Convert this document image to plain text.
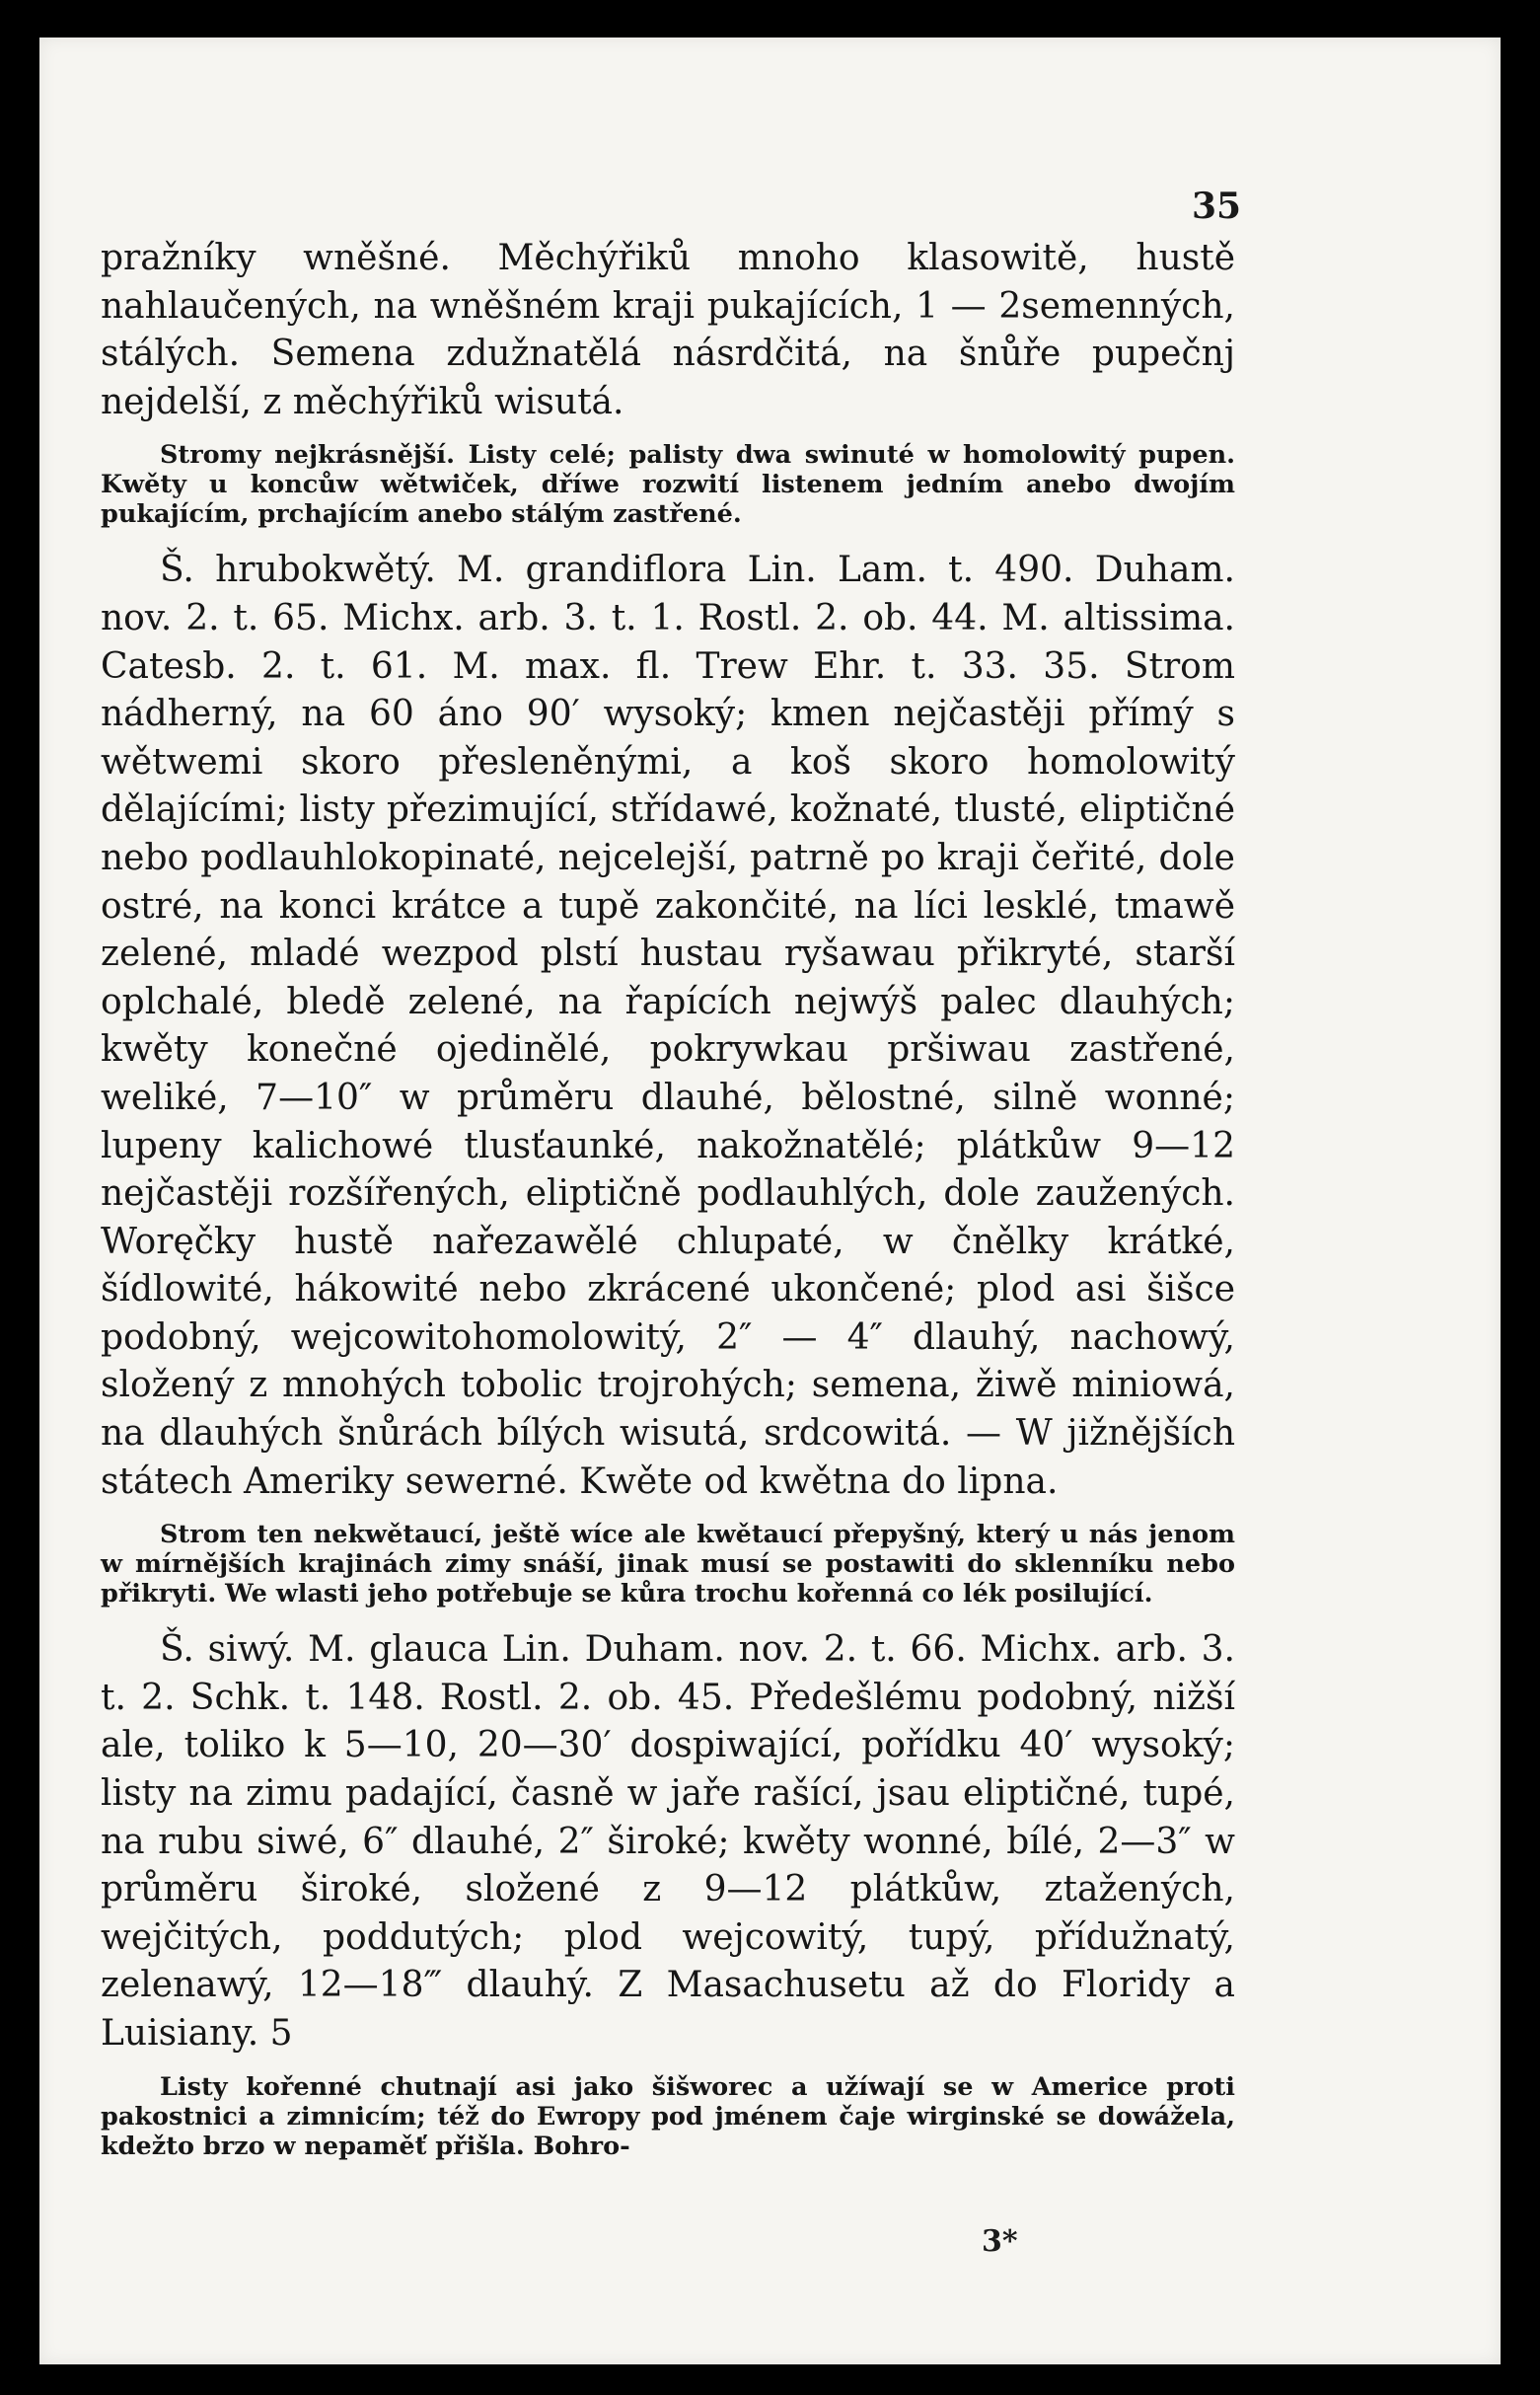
35

pražníky wněšné. Měchýřiků mnoho klasowitě, hustě nahlaučených, na wněšném kraji pukajících, 1 — 2semenných, stálých. Semena zdužnatělá násrdčitá, na šnůře pupečnj nejdelší, z měchýřiků wisutá.

Stromy nejkrásnější. Listy celé; palisty dwa swinuté w homolowitý pupen. Kwěty u koncůw wětwiček, dříwe rozwití listenem jedním anebo dwojím pukajícím, prchajícím anebo stálým zastřené.

Š. hrubokwětý. M. grandiflora Lin. Lam. t. 490. Duham. nov. 2. t. 65. Michx. arb. 3. t. 1. Rostl. 2. ob. 44. M. altissima. Catesb. 2. t. 61. M. max. fl. Trew Ehr. t. 33. 35. Strom nádherný, na 60 áno 90′ wysoký; kmen nejčastěji přímý s wětwemi skoro přesleněnými, a koš skoro homolowitý dělajícími; listy přezimující, střídawé, kožnaté, tlusté, eliptičné nebo podlauhlokopinaté, nejcelejší, patrně po kraji čeřité, dole ostré, na konci krátce a tupě zakončité, na líci lesklé, tmawě zelené, mladé wezpod plstí hustau ryšawau přikryté, starší oplchalé, bledě zelené, na řapících nejwýš palec dlauhých; kwěty konečné ojedinělé, pokrywkau pršiwau zastřené, weliké, 7—10″ w průměru dlauhé, bělostné, silně wonné; lupeny kalichowé tlusťaunké, nakožnatělé; plátkůw 9—12 nejčastěji rozšířených, eliptičně podlauhlých, dole zaužených. Woręčky hustě nařezawělé chlupaté, w čnělky krátké, šídlowité, hákowité nebo zkrácené ukončené; plod asi šišce podobný, wejcowitohomolowitý, 2″ — 4″ dlauhý, nachowý, složený z mnohých tobolic trojrohých; semena, žiwě miniowá, na dlauhých šnůrách bílých wisutá, srdcowitá. — W jižnějších státech Ameriky sewerné. Kwěte od kwětna do lipna.

Strom ten nekwětaucí, ještě wíce ale kwětaucí přepyšný, který u nás jenom w mírnějších krajinách zimy snáší, jinak musí se postawiti do sklenníku nebo přikryti. We wlasti jeho potřebuje se kůra trochu kořenná co lék posilující.

Š. siwý. M. glauca Lin. Duham. nov. 2. t. 66. Michx. arb. 3. t. 2. Schk. t. 148. Rostl. 2. ob. 45. Předešlému podobný, nižší ale, toliko k 5—10, 20—30′ dospiwající, pořídku 40′ wysoký; listy na zimu padající, časně w jaře rašící, jsau eliptičné, tupé, na rubu siwé, 6″ dlauhé, 2″ široké; kwěty wonné, bílé, 2—3″ w průměru široké, složené z 9—12 plátkůw, ztažených, wejčitých, poddutých; plod wejcowitý, tupý, přídužnatý, zelenawý, 12—18‴ dlauhý. Z Masachusetu až do Floridy a Luisiany. 5

Listy kořenné chutnají asi jako šišworec a užíwají se w Americe proti pakostnici a zimnicím; též do Ewropy pod jménem čaje wirginské se dowážela, kdežto brzo w nepaměť přišla. Bohro-

3*
